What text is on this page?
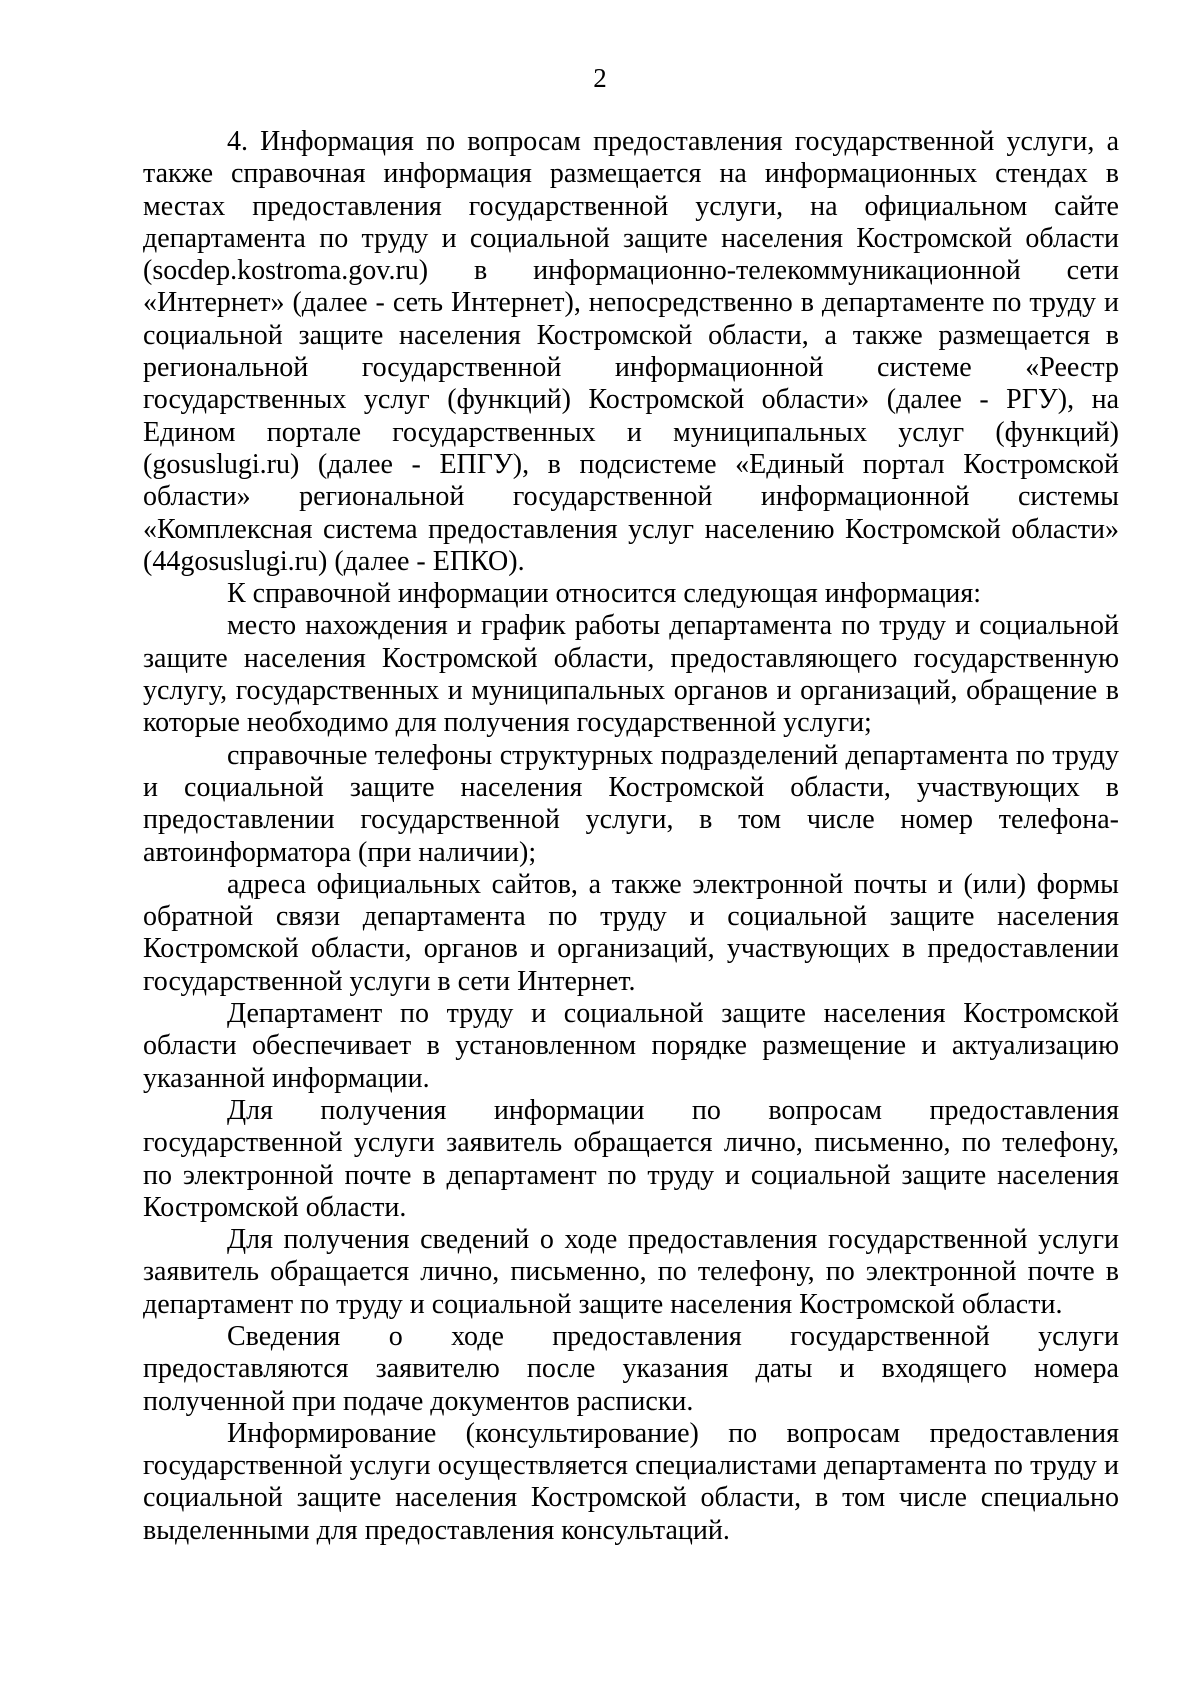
2

4. Информация по вопросам предоставления государственной услуги, а также справочная информация размещается на информационных стендах в местах предоставления государственной услуги, на официальном сайте департамента по труду и социальной защите населения Костромской области (socdep.kostroma.gov.ru) в информационно-телекоммуникационной сети «Интернет» (далее - сеть Интернет), непосредственно в департаменте по труду и социальной защите населения Костромской области, а также размещается в региональной государственной информационной системе «Реестр государственных услуг (функций) Костромской области» (далее - РГУ), на Едином портале государственных и муниципальных услуг (функций) (gosuslugi.ru) (далее - ЕПГУ), в подсистеме «Единый портал Костромской области» региональной государственной информационной системы «Комплексная система предоставления услуг населению Костромской области» (44gosuslugi.ru) (далее - ЕПКО).

К справочной информации относится следующая информация:

место нахождения и график работы департамента по труду и социальной защите населения Костромской области, предоставляющего государственную услугу, государственных и муниципальных органов и организаций, обращение в которые необходимо для получения государственной услуги;

справочные телефоны структурных подразделений департамента по труду и социальной защите населения Костромской области, участвующих в предоставлении государственной услуги, в том числе номер телефона-автоинформатора (при наличии);

адреса официальных сайтов, а также электронной почты и (или) формы обратной связи департамента по труду и социальной защите населения Костромской области, органов и организаций, участвующих в предоставлении государственной услуги в сети Интернет.

Департамент по труду и социальной защите населения Костромской области обеспечивает в установленном порядке размещение и актуализацию указанной информации.

Для получения информации по вопросам предоставления государственной услуги заявитель обращается лично, письменно, по телефону, по электронной почте в департамент по труду и социальной защите населения Костромской области.

Для получения сведений о ходе предоставления государственной услуги заявитель обращается лично, письменно, по телефону, по электронной почте в департамент по труду и социальной защите населения Костромской области.

Сведения о ходе предоставления государственной услуги предоставляются заявителю после указания даты и входящего номера полученной при подаче документов расписки.

Информирование (консультирование) по вопросам предоставления государственной услуги осуществляется специалистами департамента по труду и социальной защите населения Костромской области, в том числе специально выделенными для предоставления консультаций.
